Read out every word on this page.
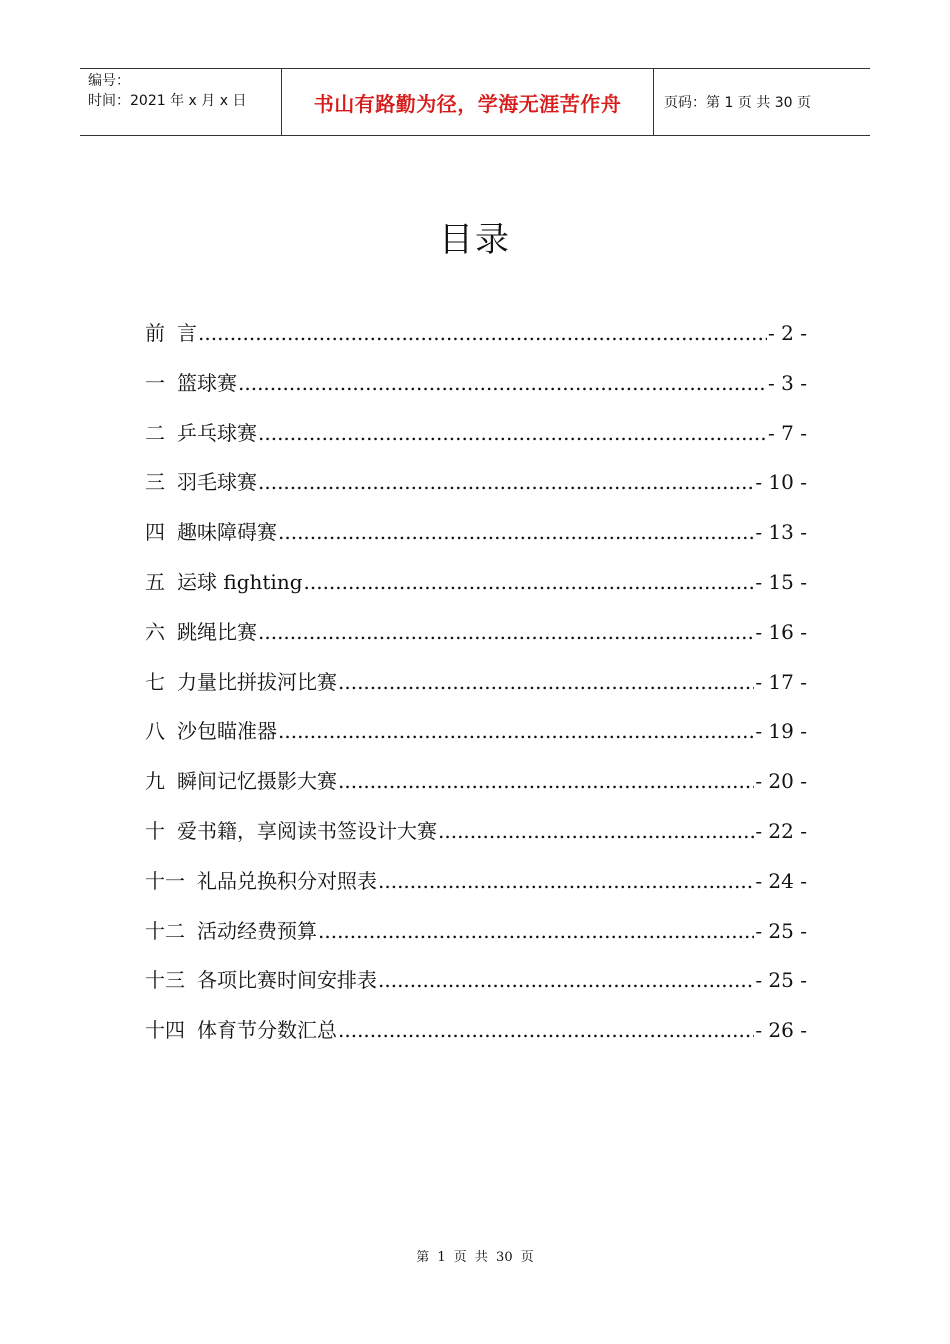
编号：
时间：2021 年 x 月 x 日	书山有路勤为径，学海无涯苦作舟	页码：第 1 页 共 30 页
目录
前 言 .....	- 2 -
一 篮球赛 .....	- 3 -
二 乒乓球赛 .....	- 7 -
三 羽毛球赛 .....	- 10 -
四 趣味障碍赛 .....	- 13 -
五 运球 fighting .....	- 15 -
六 跳绳比赛 .....	- 16 -
七 力量比拼拔河比赛 .....	- 17 -
八 沙包瞄准器 .....	- 19 -
九 瞬间记忆摄影大赛 .....	- 20 -
十 爱书籍，享阅读书签设计大赛 .....	- 22 -
十一 礼品兑换积分对照表 .....	- 24 -
十二 活动经费预算 .....	- 25 -
十三 各项比赛时间安排表 .....	- 25 -
十四 体育节分数汇总 .....	- 26 -
第 1 页 共 30 页
